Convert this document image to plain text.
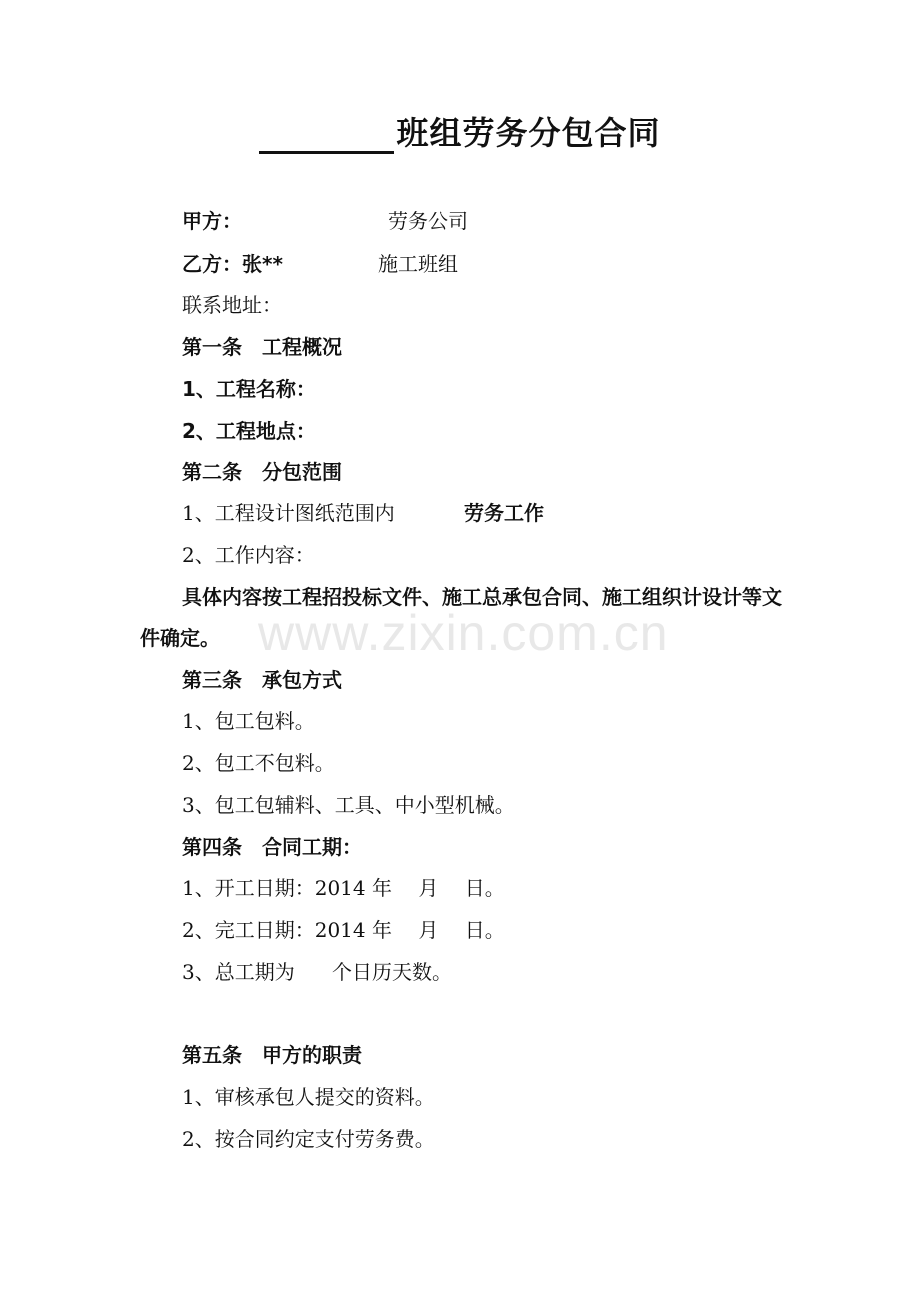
班组劳务分包合同
甲方：	劳务公司
乙方：张**	施工班组
联系地址：
第一条　工程概况
1、工程名称：
2、工程地点：
第二条　分包范围
1、工程设计图纸范围内	劳务工作
2、工作内容：
具体内容按工程招投标文件、施工总承包合同、施工组织计设计等文件确定。
第三条　承包方式
1、包工包料。
2、包工不包料。
3、包工包辅料、工具、中小型机械。
第四条　合同工期：
1、开工日期：2014 年　 月　 日。
2、完工日期：2014 年　 月　 日。
3、总工期为 个日历天数。
第五条　甲方的职责
1、审核承包人提交的资料。
2、按合同约定支付劳务费。
www.zixin.com.cn
